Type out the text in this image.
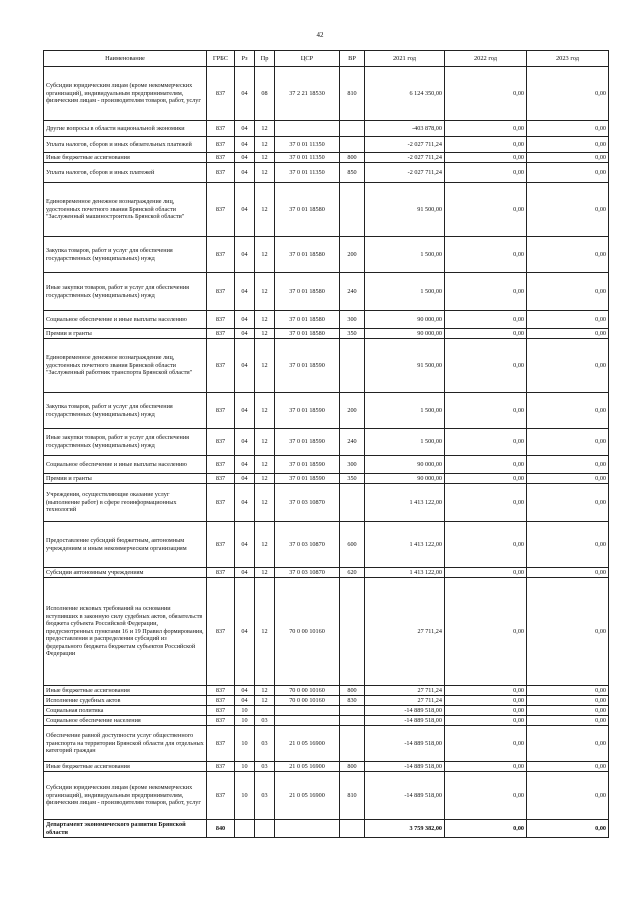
42
Наименование	ГРБС	Рз	Пр	ЦСР	ВР	2021 год	2022 год	2023 год
Субсидии юридическим лицам (кроме некоммерческих организаций), индивидуальным предпринимателям, физическим лицам - производителям товаров, работ, услуг	837	04	08	37 2 21 18530	810	6 124 350,00	0,00	0,00
Другие вопросы в области национальной экономики	837	04	12			-403 878,00	0,00	0,00
Уплата налогов, сборов и иных обязательных платежей	837	04	12	37 0 01 11350		-2 027 711,24	0,00	0,00
Иные бюджетные ассигнования	837	04	12	37 0 01 11350	800	-2 027 711,24	0,00	0,00
Уплата налогов, сборов и иных платежей	837	04	12	37 0 01 11350	850	-2 027 711,24	0,00	0,00
Единовременное денежное вознаграждение лиц, удостоенных почетного звания Брянской области "Заслуженный машиностроитель Брянской области"	837	04	12	37 0 01 18580		91 500,00	0,00	0,00
Закупка товаров, работ и услуг для обеспечения государственных (муниципальных) нужд	837	04	12	37 0 01 18580	200	1 500,00	0,00	0,00
Иные закупки товаров, работ и услуг для обеспечения государственных (муниципальных) нужд	837	04	12	37 0 01 18580	240	1 500,00	0,00	0,00
Социальное обеспечение и иные выплаты населению	837	04	12	37 0 01 18580	300	90 000,00	0,00	0,00
Премии и гранты	837	04	12	37 0 01 18580	350	90 000,00	0,00	0,00
Единовременное денежное вознаграждение лиц, удостоенных почетного звания Брянской области "Заслуженный работник транспорта Брянской области"	837	04	12	37 0 01 18590		91 500,00	0,00	0,00
Закупка товаров, работ и услуг для обеспечения государственных (муниципальных) нужд	837	04	12	37 0 01 18590	200	1 500,00	0,00	0,00
Иные закупки товаров, работ и услуг для обеспечения государственных (муниципальных) нужд	837	04	12	37 0 01 18590	240	1 500,00	0,00	0,00
Социальное обеспечение и иные выплаты населению	837	04	12	37 0 01 18590	300	90 000,00	0,00	0,00
Премии и гранты	837	04	12	37 0 01 18590	350	90 000,00	0,00	0,00
Учреждения, осуществляющие оказание услуг (выполнение работ) в сфере геоинформационных технологий	837	04	12	37 0 03 10870		1 413 122,00	0,00	0,00
Предоставление субсидий бюджетным, автономным учреждениям и иным некоммерческим организациям	837	04	12	37 0 03 10870	600	1 413 122,00	0,00	0,00
Субсидии автономным учреждениям	837	04	12	37 0 03 10870	620	1 413 122,00	0,00	0,00
Исполнение исковых требований на основании вступивших в законную силу судебных актов, обязательств бюджета субъекта Российской Федерации, предусмотренных пунктами 16 и 19 Правил формирования, предоставления и распределения субсидий из федерального бюджета бюджетам субъектов Российской Федерации	837	04	12	70 0 00 10160		27 711,24	0,00	0,00
Иные бюджетные ассигнования	837	04	12	70 0 00 10160	800	27 711,24	0,00	0,00
Исполнение судебных актов	837	04	12	70 0 00 10160	830	27 711,24	0,00	0,00
Социальная политика	837	10				-14 889 518,00	0,00	0,00
Социальное обеспечение населения	837	10	03			-14 889 518,00	0,00	0,00
Обеспечение равной доступности услуг общественного транспорта на территории Брянской области для отдельных категорий граждан	837	10	03	21 0 05 16900		-14 889 518,00	0,00	0,00
Иные бюджетные ассигнования	837	10	03	21 0 05 16900	800	-14 889 518,00	0,00	0,00
Субсидии юридическим лицам (кроме некоммерческих организаций), индивидуальным предпринимателям, физическим лицам - производителям товаров, работ, услуг	837	10	03	21 0 05 16900	810	-14 889 518,00	0,00	0,00
Департамент экономического развития Брянской области	840					3 759 382,00	0,00	0,00
